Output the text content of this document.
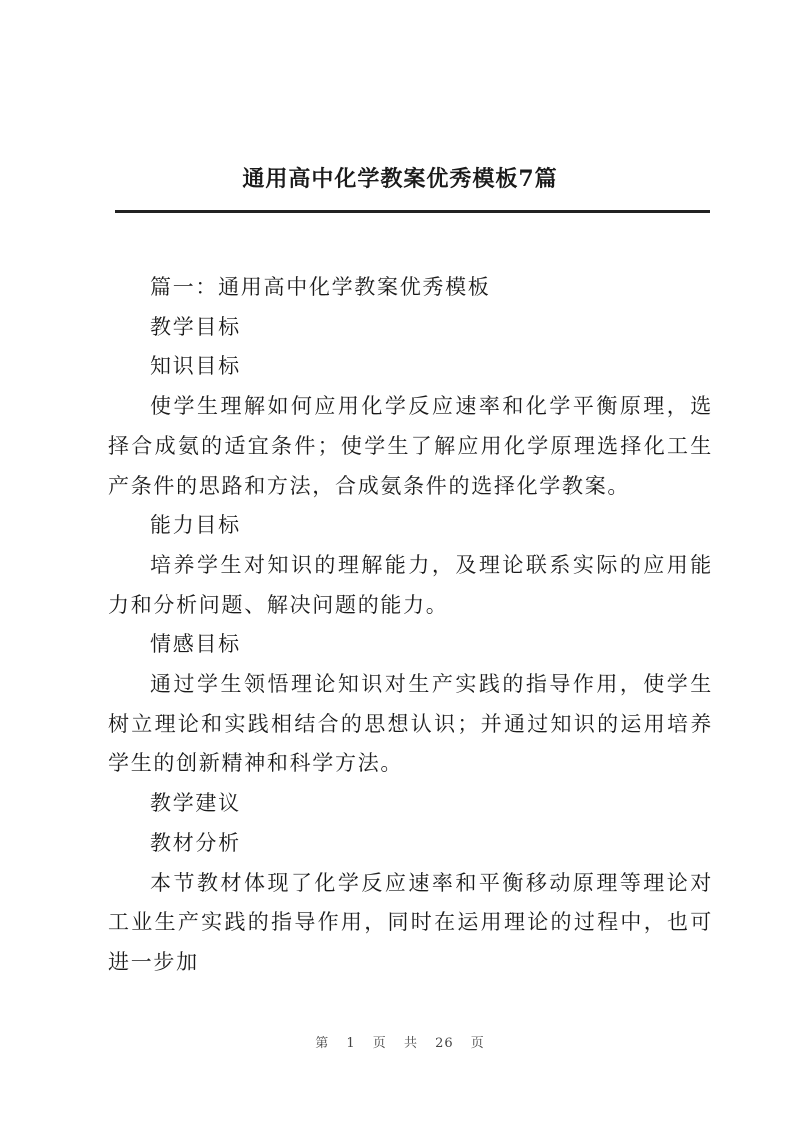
通用高中化学教案优秀模板7篇

篇一：通用高中化学教案优秀模板

教学目标

知识目标

使学生理解如何应用化学反应速率和化学平衡原理，选择合成氨的适宜条件；使学生了解应用化学原理选择化工生产条件的思路和方法，合成氨条件的选择化学教案。

能力目标

培养学生对知识的理解能力，及理论联系实际的应用能力和分析问题、解决问题的能力。

情感目标

通过学生领悟理论知识对生产实践的指导作用，使学生树立理论和实践相结合的思想认识；并通过知识的运用培养学生的创新精神和科学方法。

教学建议

教材分析

本节教材体现了化学反应速率和平衡移动原理等理论对工业生产实践的指导作用，同时在运用理论的过程中，也可进一步加

第 1 页 共 26 页
